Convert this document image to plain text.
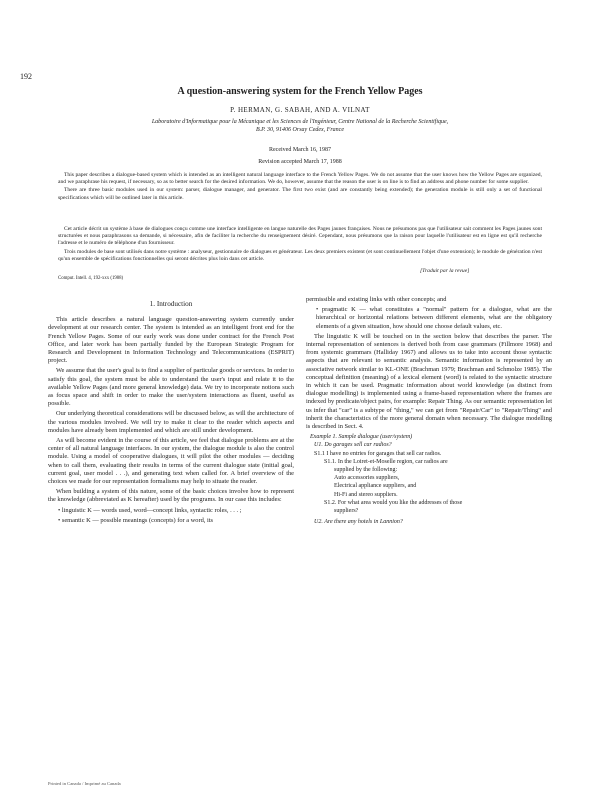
192
A question-answering system for the French Yellow Pages
P. HERMAN, G. SABAH, AND A. VILNAT
Laboratoire d'Informatique pour la Mécanique et les Sciences de l'Ingénieur, Centre National de la Recherche Scientifique,
B.P. 30, 91406 Orsay Cedex, France
Received March 16, 1987
Revision accepted March 17, 1988

This paper describes a dialogue-based system which is intended as an intelligent natural language interface to the French Yellow Pages. We do not assume that the user knows how the Yellow Pages are organized, and we paraphrase his request, if necessary, so as to better search for the desired information. We do, however, assume that the reason the user is on line is to find an address and phone number for some supplier.

There are three basic modules used in our system: parser, dialogue manager, and generator. The first two exist (and are constantly being extended); the generation module is still only a set of functional specifications which will be outlined later in this article.

Cet article décrit un système à base de dialogues conçu comme une interface intelligente en langue naturelle des Pages jaunes françaises. Nous ne présumons pas que l'utilisateur sait comment les Pages jaunes sont structurées et nous paraphrasons sa demande, si nécessaire, afin de faciliter la recherche du renseignement désiré. Cependant, nous présumons que la raison pour laquelle l'utilisateur est en ligne est qu'il recherche l'adresse et le numéro de téléphone d'un fournisseur.

Trois modules de base sont utilisés dans notre système : analyseur, gestionnaire de dialogues et générateur. Les deux premiers existent (et sont continuellement l'objet d'une extension); le module de génération n'est qu'un ensemble de spécifications fonctionnelles qui seront décrites plus loin dans cet article.

[Traduit par la revue]
Comput. Intell. 4, 192-xxx (1988)

1. Introduction

This article describes a natural language question-answering system currently under development at our research center. The system is intended as an intelligent front end for the French Yellow Pages. Some of our early work was done under contract for the French Post Office, and later work has been partially funded by the European Strategic Program for Research and Development in Information Technology and Telecommunications (ESPRIT) project.

We assume that the user's goal is to find a supplier of particular goods or services. In order to satisfy this goal, the system must be able to understand the user's input and relate it to the available Yellow Pages (and more general knowledge) data. We try to incorporate notions such as focus space and shift in order to make the user/system interactions as fluent, useful as possible.

Our underlying theoretical considerations will be discussed below, as will the architecture of the various modules involved. We will try to make it clear to the reader which aspects and modules have already been implemented and which are still under development.

As will become evident in the course of this article, we feel that dialogue problems are at the center of all natural language interfaces. In our system, the dialogue module is also the control module. Using a model of cooperative dialogues, it will pilot the other modules — deciding when to call them, evaluating their results in terms of the current dialogue state (initial goal, current goal, user model . . .), and generating text when called for. A brief overview of the choices we made for our representation formalisms may help to situate the reader.

When building a system of this nature, some of the basic choices involve how to represent the knowledge (abbreviated as K hereafter) used by the programs. In our case this includes:

• linguistic K — words used, word—concept links, syntactic roles, . . . ;

• semantic K — possible meanings (concepts) for a word, its

permissible and existing links with other concepts; and

• pragmatic K — what constitutes a "normal" pattern for a dialogue, what are the hierarchical or horizontal relations between different elements, what are the obligatory elements of a given situation, how should one choose default values, etc.

The linguistic K will be touched on in the section below that describes the parser. The internal representation of sentences is derived both from case grammars (Fillmore 1968) and from systemic grammars (Halliday 1967) and allows us to take into account those syntactic aspects that are relevant to semantic analysis. Semantic information is represented by an associative network similar to KL-ONE (Brachman 1979; Brachman and Schmolze 1985). The conceptual definition (meaning) of a lexical element (word) is related to the syntactic structure in which it can be used. Pragmatic information about world knowledge (as distinct from dialogue modelling) is implemented using a frame-based representation where the frames are indexed by predicate/object pairs, for example: Repair Thing. As our semantic representation let us infer that "car" is a subtype of "thing," we can get from "Repair/Car" to "Repair/Thing" and inherit the characteristics of the more general domain when necessary. The dialogue modelling is described in Sect. 4.

Example 1. Sample dialogue (user/system)

U1. Do garages sell car radios?

S1.1 I have no entries for garages that sell car radios.

S1.1. In the Loiret-et-Moselle region, car radios are

supplied by the following:

Auto accessories suppliers,

Electrical appliance suppliers, and

Hi-Fi and stereo suppliers.

S1.2. For what area would you like the addresses of those

suppliers?

U2. Are there any hotels in Lannion?

Printed in Canada / Imprimé au Canada
